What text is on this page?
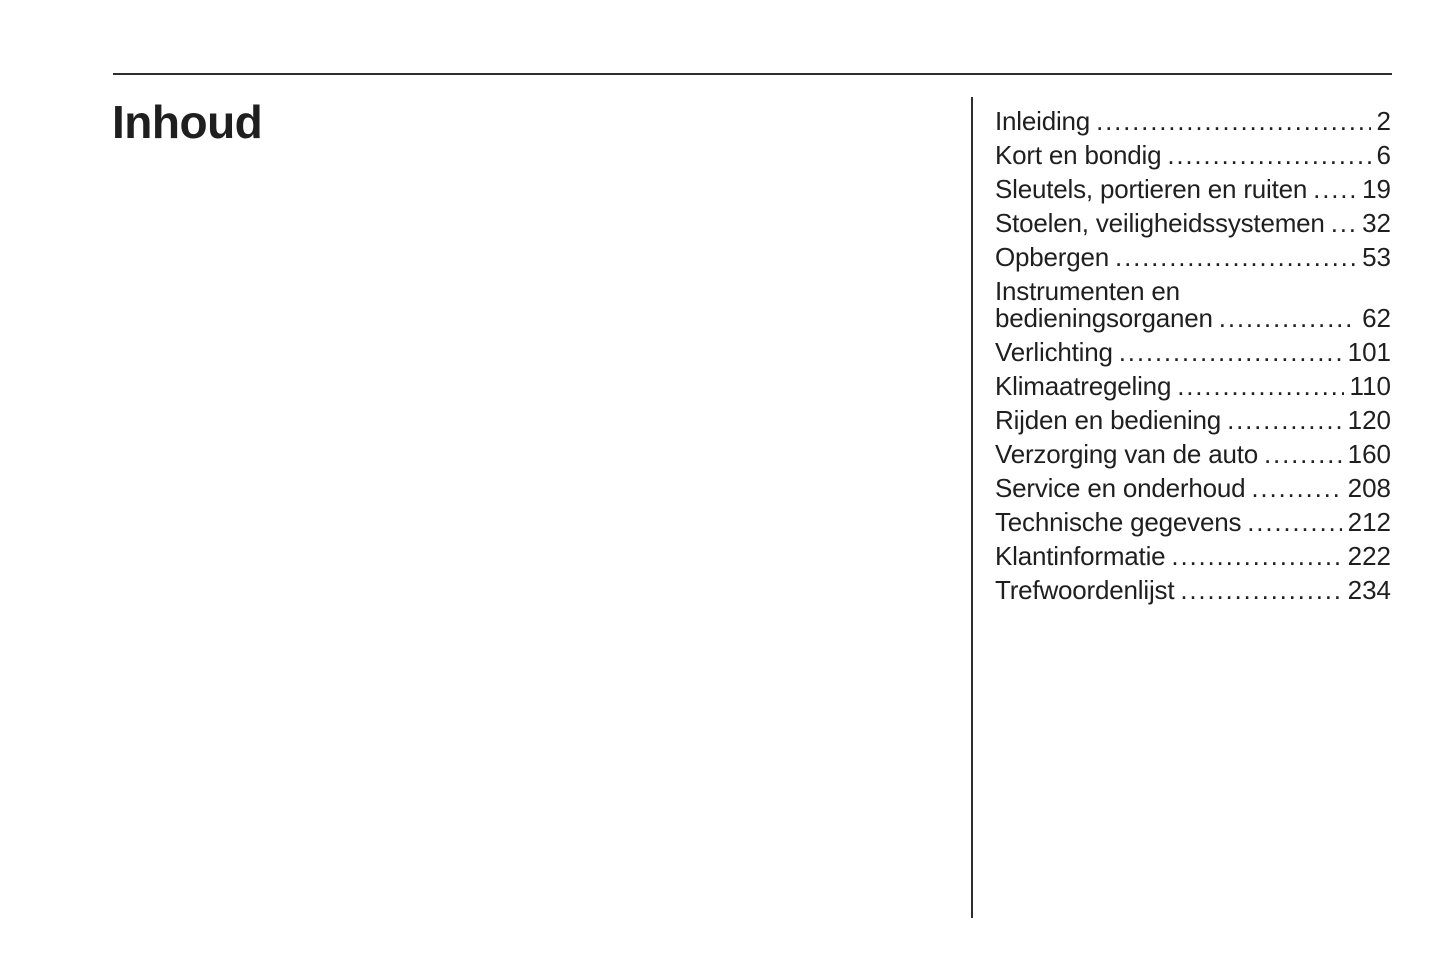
Inhoud	Inleiding .....	2
Kort en bondig .....	6
Sleutels, portieren en ruiten ..... 19
Stoelen, veiligheidssystemen ..... 32
Opbergen .....	53
Instrumenten en
bedieningsorganen .....	62
Verlichting .....	101
Klimaatregeling .....	110
Rijden en bediening .....	120
Verzorging van de auto .....	160
Service en onderhoud .....	208
Technische gegevens .....	212
Klantinformatie .....	222
Trefwoordenlijst .....	234
